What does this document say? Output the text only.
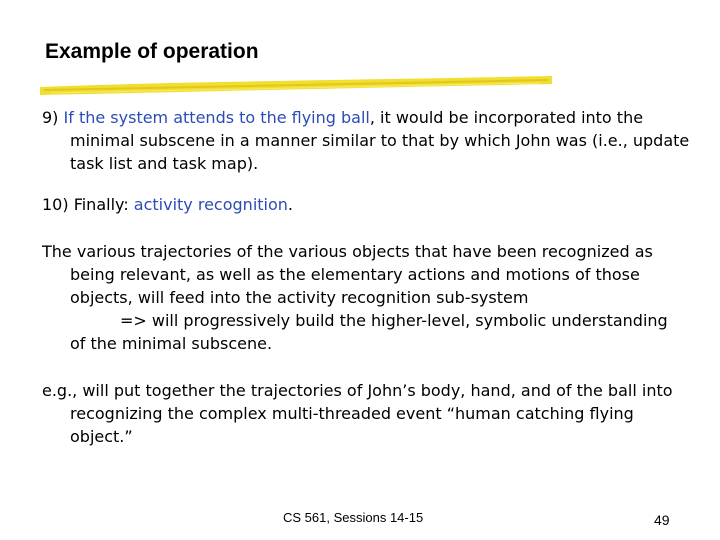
Example of operation

9) If the system attends to the flying ball, it would be incorporated into the minimal subscene in a manner similar to that by which John was (i.e., update task list and task map).

10) Finally: activity recognition.

The various trajectories of the various objects that have been recognized as being relevant, as well as the elementary actions and motions of those objects, will feed into the activity recognition sub-system
=> will progressively build the higher-level, symbolic understanding
of the minimal subscene.

e.g., will put together the trajectories of John’s body, hand, and of the ball into recognizing the complex multi-threaded event “human catching flying object.”

CS 561, Sessions 14-15	49
